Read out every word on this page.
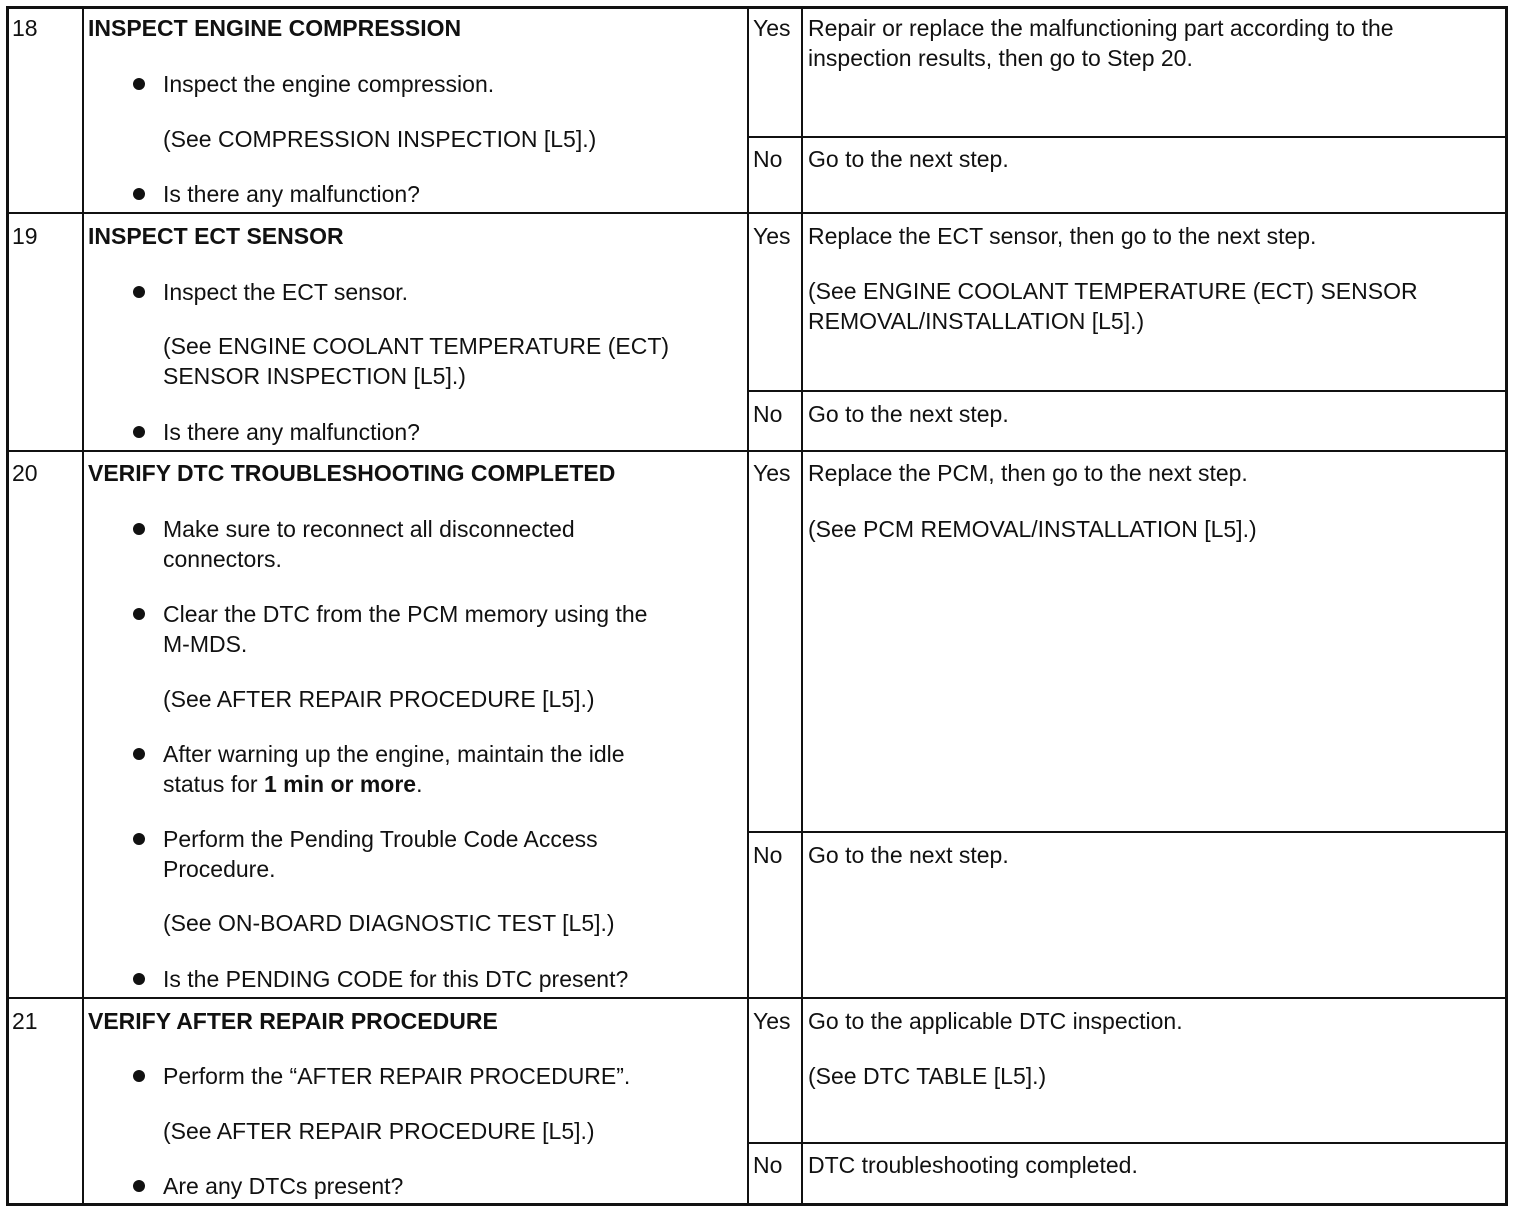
18 INSPECT ENGINE COMPRESSION
Inspect the engine compression.
(See COMPRESSION INSPECTION [L5].)
Is there any malfunction?
Yes Repair or replace the malfunctioning part according to the
inspection results, then go to Step 20.
No Go to the next step.
19 INSPECT ECT SENSOR
Inspect the ECT sensor.
(See ENGINE COOLANT TEMPERATURE (ECT)
SENSOR INSPECTION [L5].)
Is there any malfunction?
Yes Replace the ECT sensor, then go to the next step.
(See ENGINE COOLANT TEMPERATURE (ECT) SENSOR
REMOVAL/INSTALLATION [L5].)
No Go to the next step.
20 VERIFY DTC TROUBLESHOOTING COMPLETED
Make sure to reconnect all disconnected
connectors.
Clear the DTC from the PCM memory using the
M-MDS.
(See AFTER REPAIR PROCEDURE [L5].)
After warning up the engine, maintain the idle
status for 1 min or more.
Perform the Pending Trouble Code Access
Procedure.
(See ON-BOARD DIAGNOSTIC TEST [L5].)
Is the PENDING CODE for this DTC present?
Yes Replace the PCM, then go to the next step.
(See PCM REMOVAL/INSTALLATION [L5].)
No Go to the next step.
21 VERIFY AFTER REPAIR PROCEDURE
Perform the “AFTER REPAIR PROCEDURE”.
(See AFTER REPAIR PROCEDURE [L5].)
Are any DTCs present?
Yes Go to the applicable DTC inspection.
(See DTC TABLE [L5].)
No DTC troubleshooting completed.
